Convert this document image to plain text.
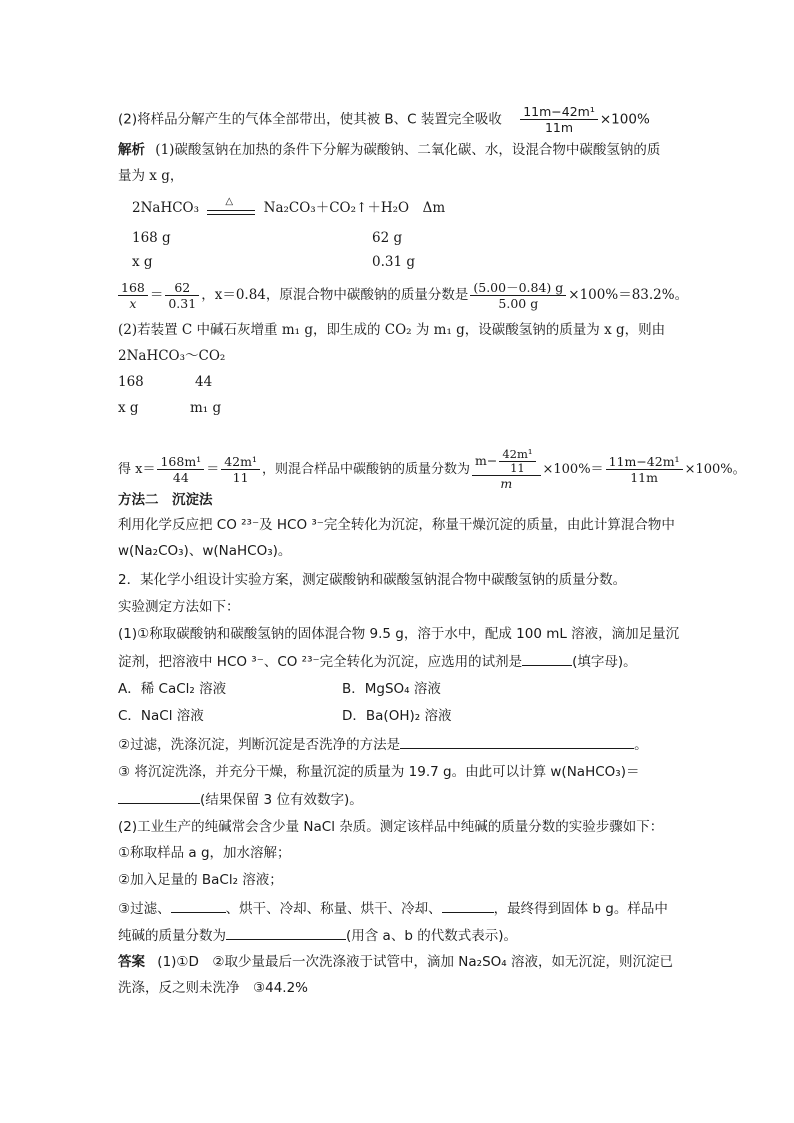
(2)将样品分解产生的气体全部带出，使其被 B、C 装置完全吸收 $\frac{\text{11m−42m¹}}{11m} \times 100\%$
解析 (1)碳酸氢钠在加热的条件下分解为碳酸钠、二氧化碳、水，设混合物中碳酸氢钠的质
量为 x g，
2NaHCO₃	△ Na₂CO₃＋CO₂↑＋H₂O　Δm
168 g	62 g
x g	0.31 g
$\frac{168}{x} = \frac{62}{0.31}$ ，x＝0.84，原混合物中碳酸钠的质量分数是 $\frac{(5.00-0.84) g}{5.00 g} \times 100\%=83.2\%$。
(2)若装置 C 中碱石灰增重 m₁ g，即生成的 CO₂ 为 m₁ g，设碳酸氢钠的质量为 x g，则由
2NaHCO₃～CO₂
168	44
x g	m₁ g
得 $x= \frac{\text{168m¹}}{44} = \frac{\text{42m¹}}{11}$ ，则混合样品中碳酸钠的质量分数为 $\frac{m- \frac{\text{42m¹}}{11}}{m} \times 100\%= \frac{\text{11m−42m¹}}{11m} \times 100\%$。
方法二　沉淀法
利用化学反应把 CO ²³⁻及 HCO ³⁻完全转化为沉淀，称量干燥沉淀的质量，由此计算混合物中
w(Na₂CO₃)、w(NaHCO₃)。
2．某化学小组设计实验方案，测定碳酸钠和碳酸氢钠混合物中碳酸氢钠的质量分数。
实验测定方法如下：
(1)①称取碳酸钠和碳酸氢钠的固体混合物 9.5 g，溶于水中，配成 100 mL 溶液，滴加足量沉
淀剂，把溶液中 HCO ³⁻、CO ²³⁻完全转化为沉淀，应选用的试剂是	(填字母)。
A．稀 CaCl₂ 溶液	B．MgSO₄ 溶液
C．NaCl 溶液	D．Ba(OH)₂ 溶液
②过滤，洗涤沉淀，判断沉淀是否洗净的方法是	。
③ 将沉淀洗涤，并充分干燥，称量沉淀的质量为 19.7 g。由此可以计算 w(NaHCO₃)＝
(结果保留 3 位有效数字)。
(2)工业生产的纯碱常会含少量 NaCl 杂质。测定该样品中纯碱的质量分数的实验步骤如下：
①称取样品 a g，加水溶解；
②加入足量的 BaCl₂ 溶液；
③过滤、	、烘干、冷却、称量、烘干、冷却、	，最终得到固体 b g。样品中
纯碱的质量分数为	(用含 a、b 的代数式表示)。
答案 (1)①D　②取少量最后一次洗涤液于试管中，滴加 Na₂SO₄ 溶液，如无沉淀，则沉淀已
洗涤，反之则未洗净　③44.2%
